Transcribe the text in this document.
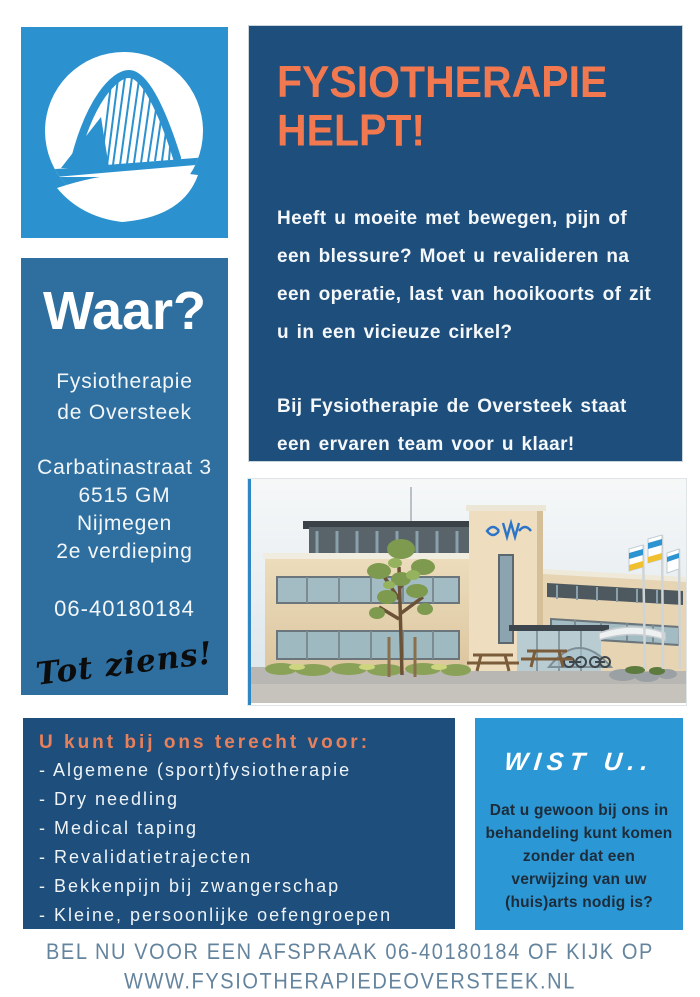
Waar?
Fysiotherapie
de Oversteek
Carbatinastraat 3
6515 GM
Nijmegen
2e verdieping
06-40180184
Tot ziens!
FYSIOTHERAPIE
HELPT!

Heeft u moeite met bewegen, pijn of een blessure? Moet u revalideren na een operatie, last van hooikoorts of zit u in een vicieuze cirkel?

Bij Fysiotherapie de Oversteek staat een ervaren team voor u klaar!

U kunt bij ons terecht voor:
- Algemene (sport)fysiotherapie
- Dry needling
- Medical taping
- Revalidatietrajecten
- Bekkenpijn bij zwangerschap
- Kleine, persoonlijke oefengroepen
WIST U..
Dat u gewoon bij ons in behandeling kunt komen zonder dat een verwijzing van uw (huis)arts nodig is?
BEL NU VOOR EEN AFSPRAAK 06-40180184 OF KIJK OP
WWW.FYSIOTHERAPIEDEOVERSTEEK.NL
